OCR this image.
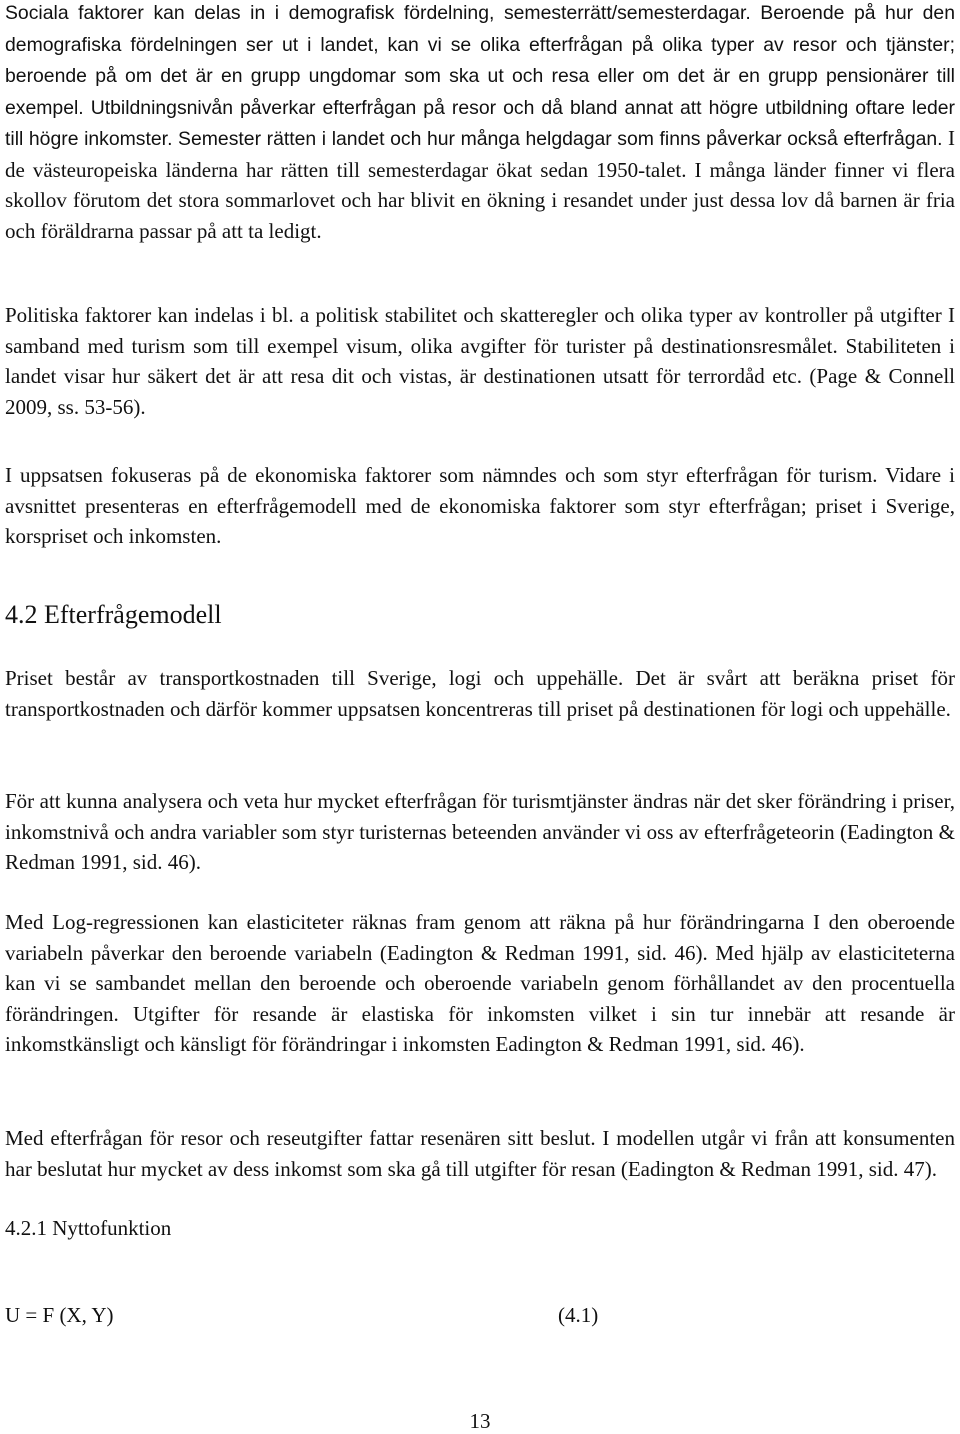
Sociala faktorer kan delas in i demografisk fördelning, semesterrätt/semesterdagar. Beroende på hur den demografiska fördelningen ser ut i landet, kan vi se olika efterfrågan på olika typer av resor och tjänster; beroende på om det är en grupp ungdomar som ska ut och resa eller om det är en grupp pensionärer till exempel. Utbildningsnivån påverkar efterfrågan på resor och då bland annat att högre utbildning oftare leder till högre inkomster. Semester rätten i landet och hur många helgdagar som finns påverkar också efterfrågan. I de västeuropeiska länderna har rätten till semesterdagar ökat sedan 1950-talet. I många länder finner vi flera skollov förutom det stora sommarlovet och har blivit en ökning i resandet under just dessa lov då barnen är fria och föräldrarna passar på att ta ledigt.

Politiska faktorer kan indelas i bl. a politisk stabilitet och skatteregler och olika typer av kontroller på utgifter I samband med turism som till exempel visum, olika avgifter för turister på destinationsresmålet. Stabiliteten i landet visar hur säkert det är att resa dit och vistas, är destinationen utsatt för terrordåd etc. (Page & Connell 2009, ss. 53-56).

I uppsatsen fokuseras på de ekonomiska faktorer som nämndes och som styr efterfrågan för turism. Vidare i avsnittet presenteras en efterfrågemodell med de ekonomiska faktorer som styr efterfrågan; priset i Sverige, korspriset och inkomsten.

4.2 Efterfrågemodell

Priset består av transportkostnaden till Sverige, logi och uppehälle. Det är svårt att beräkna priset för transportkostnaden och därför kommer uppsatsen koncentreras till priset på destinationen för logi och uppehälle.

För att kunna analysera och veta hur mycket efterfrågan för turismtjänster ändras när det sker förändring i priser, inkomstnivå och andra variabler som styr turisternas beteenden använder vi oss av efterfrågeteorin (Eadington & Redman 1991, sid. 46).

Med Log-regressionen kan elasticiteter räknas fram genom att räkna på hur förändringarna I den oberoende variabeln påverkar den beroende variabeln (Eadington & Redman 1991, sid. 46). Med hjälp av elasticiteterna kan vi se sambandet mellan den beroende och oberoende variabeln genom förhållandet av den procentuella förändringen. Utgifter för resande är elastiska för inkomsten vilket i sin tur innebär att resande är inkomstkänsligt och känsligt för förändringar i inkomsten Eadington & Redman 1991, sid. 46).

Med efterfrågan för resor och reseutgifter fattar resenären sitt beslut. I modellen utgår vi från att konsumenten har beslutat hur mycket av dess inkomst som ska gå till utgifter för resan (Eadington & Redman 1991, sid. 47).

4.2.1 Nyttofunktion
U = F (X, Y)	(4.1)
13
